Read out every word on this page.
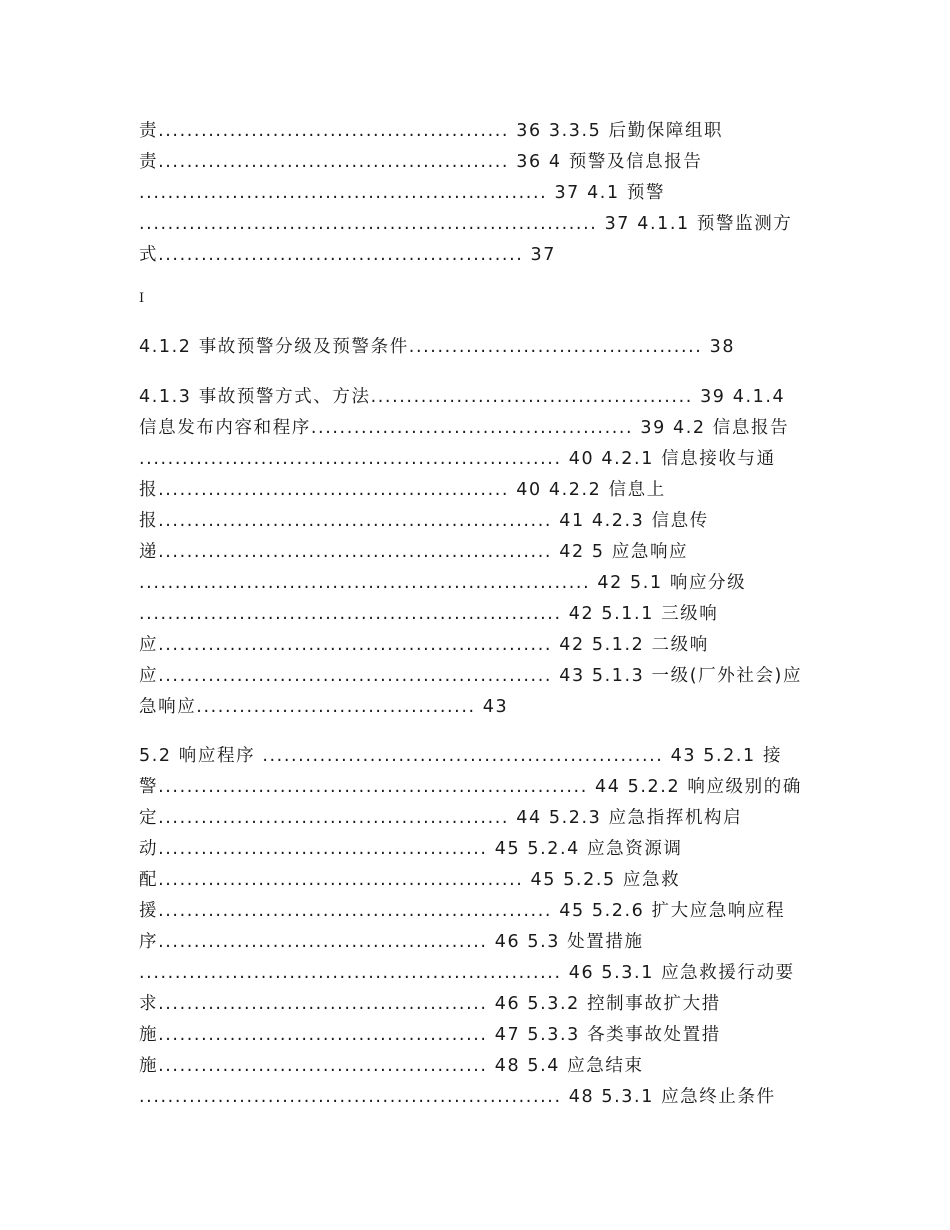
责................................................. 36 3.3.5 后勤保障组职
责................................................. 36 4 预警及信息报告
......................................................... 37 4.1 预警
................................................................ 37 4.1.1 预警监测方
式................................................... 37
I
4.1.2 事故预警分级及预警条件......................................... 38
4.1.3 事故预警方式、方法............................................. 39 4.1.4
信息发布内容和程序............................................. 39 4.2 信息报告
........................................................... 40 4.2.1 信息接收与通
报................................................. 40 4.2.2 信息上
报....................................................... 41 4.2.3 信息传
递....................................................... 42 5 应急响应
............................................................... 42 5.1 响应分级
........................................................... 42 5.1.1 三级响
应....................................................... 42 5.1.2 二级响
应....................................................... 43 5.1.3 一级(厂外社会)应
急响应....................................... 43
5.2 响应程序 ........................................................ 43 5.2.1 接
警............................................................ 44 5.2.2 响应级别的确
定................................................. 44 5.2.3 应急指挥机构启
动.............................................. 45 5.2.4 应急资源调
配................................................... 45 5.2.5 应急救
援....................................................... 45 5.2.6 扩大应急响应程
序.............................................. 46 5.3 处置措施
........................................................... 46 5.3.1 应急救援行动要
求.............................................. 46 5.3.2 控制事故扩大措
施.............................................. 47 5.3.3 各类事故处置措
施.............................................. 48 5.4 应急结束
........................................................... 48 5.3.1 应急终止条件
